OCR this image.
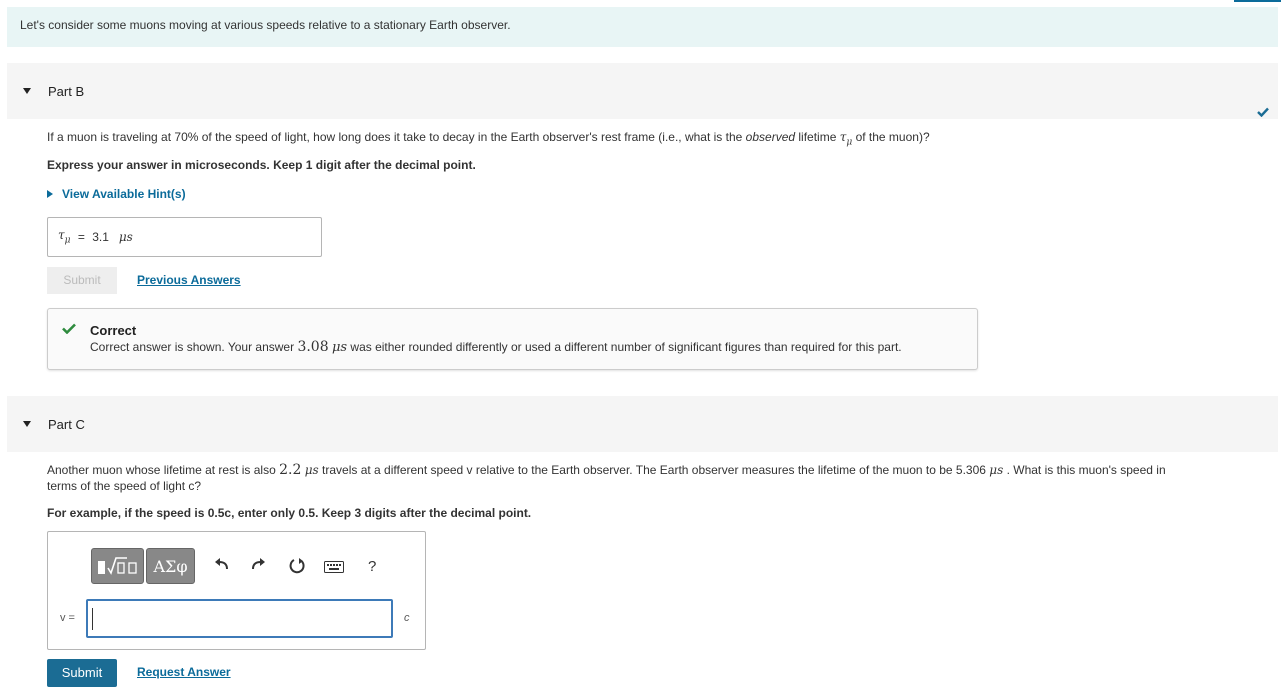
Let's consider some muons moving at various speeds relative to a stationary Earth observer.
Part B
If a muon is traveling at 70% of the speed of light, how long does it take to decay in the Earth observer's rest frame (i.e., what is the observed lifetime $\tau_\mu$ of the muon)?
Express your answer in microseconds. Keep 1 digit after the decimal point.
View Available Hint(s)
$\tau_\mu = 3.1$ μs
Submit	Previous Answers
Correct
Correct answer is shown. Your answer 3.08 μs was either rounded differently or used a different number of significant figures than required for this part.
Part C
Another muon whose lifetime at rest is also 2.2 μs travels at a different speed v relative to the Earth observer. The Earth observer measures the lifetime of the muon to be 5.306 μs . What is this muon's speed in
terms of the speed of light c?
For example, if the speed is 0.5c, enter only 0.5. Keep 3 digits after the decimal point.
ΑΣφ	?
v =	c
Submit	Request Answer
